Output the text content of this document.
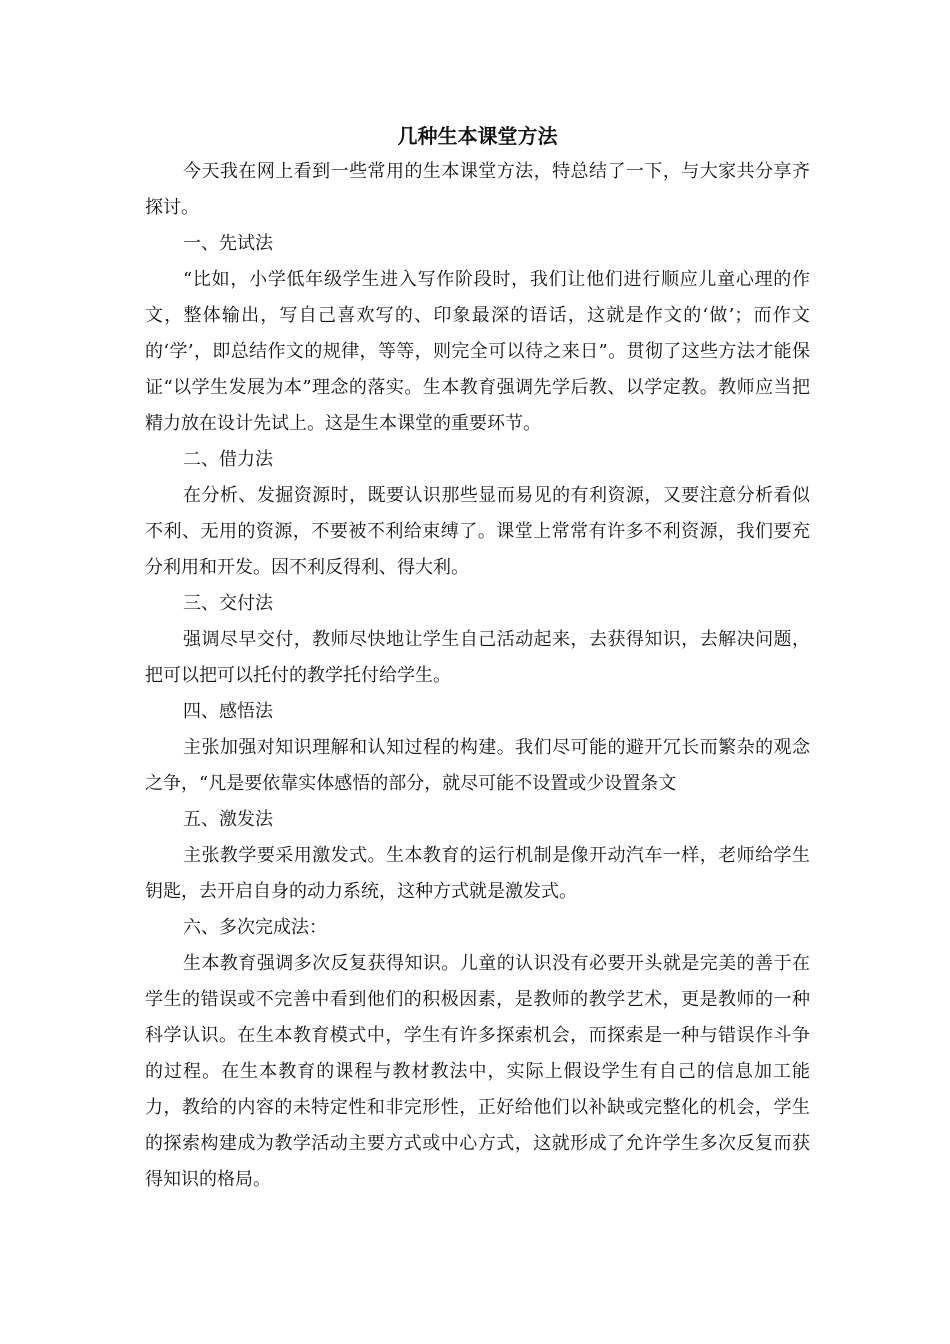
几种生本课堂方法

今天我在网上看到一些常用的生本课堂方法，特总结了一下，与大家共分享齐探讨。

一、先试法

“比如，小学低年级学生进入写作阶段时，我们让他们进行顺应儿童心理的作文，整体输出，写自己喜欢写的、印象最深的语话，这就是作文的‘做’；而作文的‘学’，即总结作文的规律，等等，则完全可以待之来日”。贯彻了这些方法才能保证“以学生发展为本”理念的落实。生本教育强调先学后教、以学定教。教师应当把精力放在设计先试上。这是生本课堂的重要环节。

二、借力法

在分析、发掘资源时，既要认识那些显而易见的有利资源，又要注意分析看似不利、无用的资源，不要被不利给束缚了。课堂上常常有许多不利资源，我们要充分利用和开发。因不利反得利、得大利。

三、交付法

强调尽早交付，教师尽快地让学生自己活动起来，去获得知识，去解决问题，把可以把可以托付的教学托付给学生。

四、感悟法

主张加强对知识理解和认知过程的构建。我们尽可能的避开冗长而繁杂的观念之争，“凡是要依靠实体感悟的部分，就尽可能不设置或少设置条文

五、激发法

主张教学要采用激发式。生本教育的运行机制是像开动汽车一样，老师给学生钥匙，去开启自身的动力系统，这种方式就是激发式。

六、多次完成法：

生本教育强调多次反复获得知识。儿童的认识没有必要开头就是完美的善于在学生的错误或不完善中看到他们的积极因素，是教师的教学艺术，更是教师的一种科学认识。在生本教育模式中，学生有许多探索机会，而探索是一种与错误作斗争的过程。在生本教育的课程与教材教法中，实际上假设学生有自己的信息加工能力，教给的内容的未特定性和非完形性，正好给他们以补缺或完整化的机会，学生的探索构建成为教学活动主要方式或中心方式，这就形成了允许学生多次反复而获得知识的格局。
